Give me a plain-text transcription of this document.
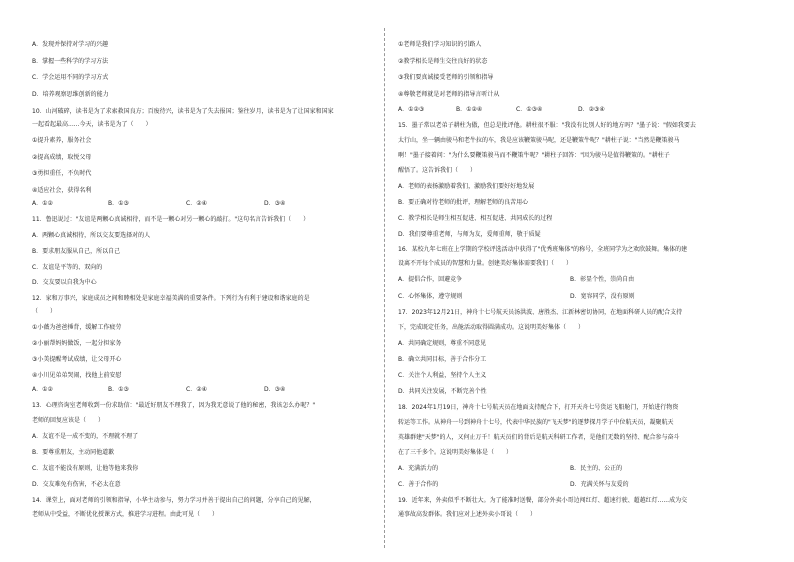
A．发现并保持对学习的兴趣
B．掌握一些科学的学习方法
C．学会运用不同的学习方式
D．培养观察思维创新的能力
10．山河破碎，读书是为了求索救国良方；百废待兴，读书是为了失去报国；鉴往岁月，读书是为了让国家和国家
一起看起最高......今天，读书是为了（　　）
①提升素养，服务社会
②提高成绩，取悦父母
③勇担重任，不负时代
④适应社会，获得名利
A．①②	B．①③	C．②④	D．③④
11．鲁迅说过："友谊是两颗心真诚相待，而不是一颗心对另一颗心的敲打。"这句名言告诉我们（　　）
A．两颗心真诚相待，所以交友要选择对的人
B．要求朋友服从自己，所以自己
C．友谊是平等的、双向的
D．交友要以自我为中心
12．家和万事兴，家庭成员之间和睦相处是家庭幸福美满的重要条件。下列行为有利于建设和谐家庭的是
（　　）
①小薇为爸爸捶背，缓解工作疲劳
②小丽帮妈妈做饭，一起分担家务
③小美提醒考试成绩，让父母开心
④小川见弟弟哭闹，找他上前安慰
A．①②	B．①③	C．②④	D．③④
13．心理咨询室老师收到一份求助信："最近好朋友不理我了，因为我无意说了他的秘密，我该怎么办呢？"
老师的回复应该是（　　）
A．友谊不是一成不变的，不理就不理了
B．要尊重朋友，主动同他道歉
C．友谊不能没有原则，让他等他来我你
D．交友难免有伤害，不必太在意
14．课堂上，面对老师的引领和指导，小华主动参与，努力学习并善于提出自己的问题，分享自己的见解，
老师从中受益，不断优化授课方式，推进学习进程。由此可见（　　）
①老师是我们学习知识的引路人
②教学相长是师生交往良好的状态
③我们要真诚接受老师的引领和指导
④尊敬老师就是对老师的指导言听计从
A．①②③	B．①②④	C．①③④	D．②③④
15．墨子常以老弟子耕柱为傲，但总是批评他。耕柱很不服："我没有比别人好的地方吗？"墨子说："假如我要去
太行山，坐一辆由骏马和老牛拉的车，我是应该鞭策骏马呢，还是鞭策牛呢？"耕柱子说："当然是鞭策骏马
啊！"墨子接着问："为什么要鞭策骏马而不鞭策牛呢？"耕柱子回答："因为骏马是值得鞭策的。"耕柱子
醒悟了。这告诉我们（　　）
A．老师的表扬激励着我们，激励我们要好好地发展
B．要正确对待老师的批评，理解老师的良苦用心
C．教学相长是师生相互促进、相互促进、共同成长的过程
D．我们要尊重老师，与师为友，爱师重师，敬于质疑
16．某校九年七班在上学期的学校评选活动中获得了"优秀班集体"的称号，全班同学为之欢欣鼓舞。集体的建
设离不开每个成员的智慧和力量。创建美好集体需要我们（　　）
A．提倡合作，回避竞争	B．彰显个性，崇尚自由
C．心怀集体，遵守规则	D．宽容同学，没有原则
17．2023年12月21日，神舟十七号航天员汤洪波、唐胜杰、江新林密切协同，在地面科研人员的配合支持
下，完成既定任务，出舱活动取得圆满成功。这说明美好集体（　　）
A．共同确定规则，尊重不同意见
B．确立共同目标，善于合作分工
C．关注个人利益，坚持个人主义
D．共同关注发展，不断完善个性
18．2024年1月19日，神舟十七号航天员在地面支持配合下，打开天舟七号货运飞船舱门，开始进行物资
转运等工作。从神舟一号到神舟十七号，代表中华民族的"飞天梦"的逐梦探月学子中位航天员，凝聚航天
英雄群建"天梦"的人，又何止万千！航天员们的背后是航天科研工作者，是他们无数的坚持、配合参与奋斗
在了三千多个。这说明美好集体是（　　）
A．充满活力的	B．民主的、公正的
C．善于合作的	D．充满关怀与友爱的
19．近年来，外卖似乎不断壮大。为了能准时送餐，部分外卖小哥边闯红灯、超速行驶、超越红灯......成为交
通事故高发群体。我们应对上述外卖小哥说（　　）
